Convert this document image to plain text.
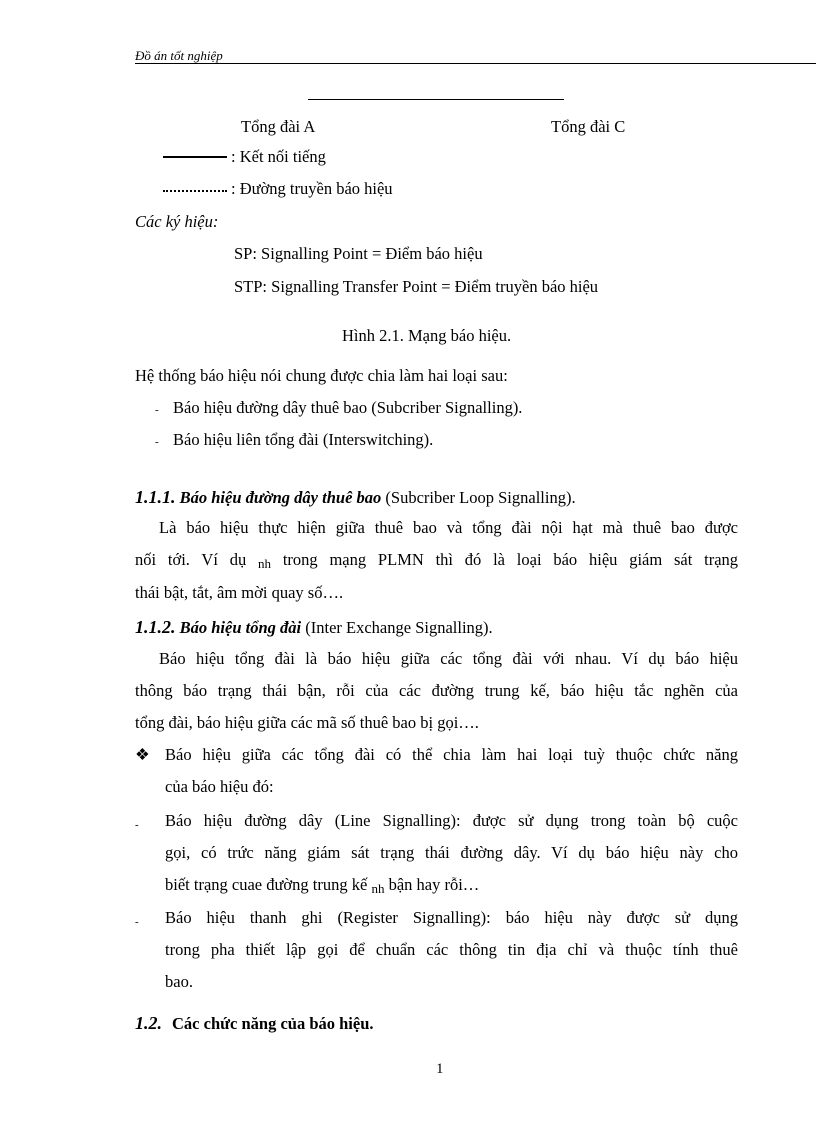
Đồ án tốt nghiệp
Tổng đài A	Tổng đài C
: Kết nối tiếng
: Đường truyền báo hiệu
Các ký hiệu:
SP: Signalling Point = Điểm báo hiệu
STP: Signalling Transfer Point = Điểm truyền báo hiệu
Hình 2.1. Mạng báo hiệu.
Hệ thống báo hiệu nói chung được chia làm hai loại sau:
- Báo hiệu đường dây thuê bao (Subcriber Signalling).
- Báo hiệu liên tổng đài (Interswitching).
1.1.1. Báo hiệu đường dây thuê bao (Subcriber Loop Signalling).
Là báo hiệu thực hiện giữa thuê bao và tổng đài nội hạt mà thuê bao được
nối tới. Ví dụ nh trong mạng PLMN thì đó là loại báo hiệu giám sát trạng
thái bật, tắt, âm mời quay số….
1.1.2. Báo hiệu tổng đài (Inter Exchange Signalling).
Báo hiệu tổng đài là báo hiệu giữa các tổng đài với nhau. Ví dụ báo hiệu
thông báo trạng thái bận, rỗi của các đường trung kế, báo hiệu tắc nghẽn của
tổng đài, báo hiệu giữa các mã số thuê bao bị gọi….
❖ Báo hiệu giữa các tổng đài có thể chia làm hai loại tuỳ thuộc chức năng
của báo hiệu đó:
- Báo hiệu đường dây (Line Signalling): được sử dụng trong toàn bộ cuộc
gọi, có trức năng giám sát trạng thái đường dây. Ví dụ báo hiệu này cho
biết trạng cuae đường trung kế nh bận hay rỗi…
- Báo hiệu thanh ghi (Register Signalling): báo hiệu này được sử dụng
trong pha thiết lập gọi để chuẩn các thông tin địa chỉ và thuộc tính thuê
bao.
1.2. Các chức năng của báo hiệu.
1
